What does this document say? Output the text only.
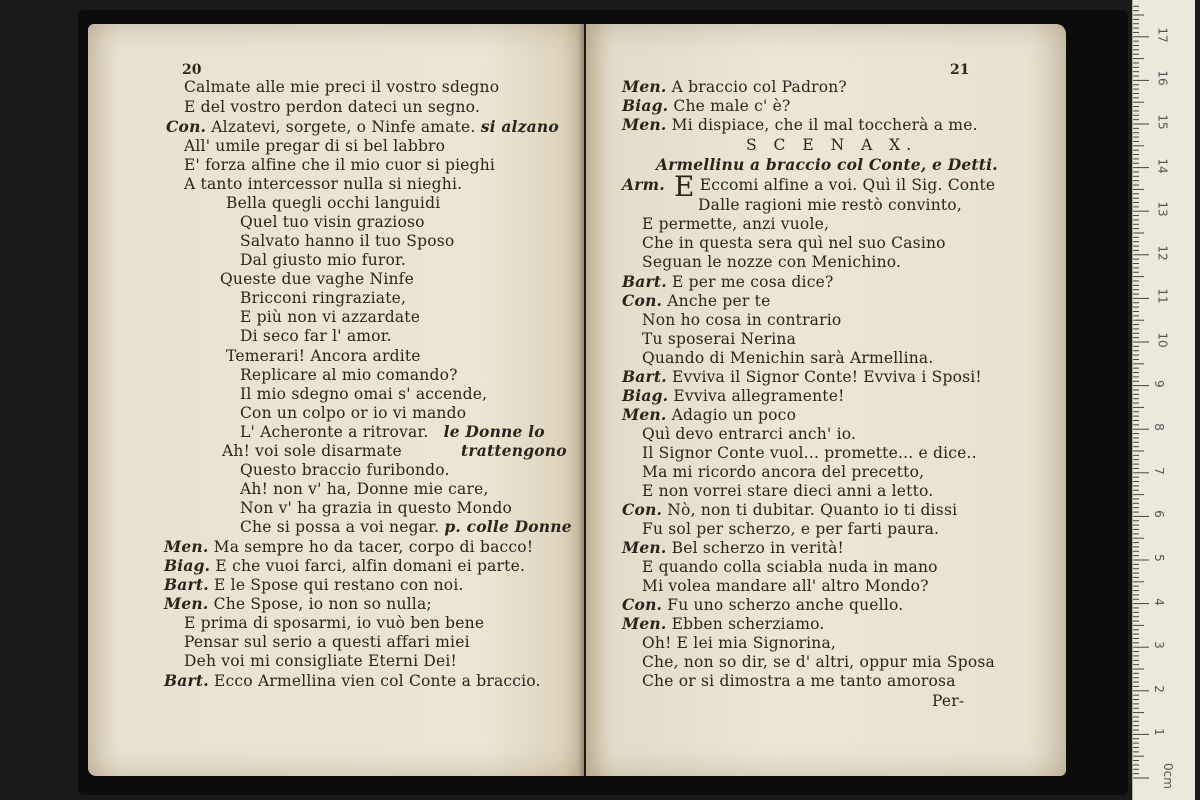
20
Calmate alle mie preci il vostro sdegno
E del vostro perdon dateci un segno.
Con. Alzatevi, sorgete, o Ninfe amate. si alzano
All' umile pregar di si bel labbro
E' forza alfine che il mio cuor si pieghi
A tanto intercessor nulla si nieghi.
Bella quegli occhi languidi
Quel tuo visin grazioso
Salvato hanno il tuo Sposo
Dal giusto mio furor.
Queste due vaghe Ninfe
Bricconi ringraziate,
E più non vi azzardate
Di seco far l' amor.
Temerari! Ancora ardite
Replicare al mio comando?
Il mio sdegno omai s' accende,
Con un colpo or io vi mando
L' Acheronte a ritrovar. le Donne lo
Ah! voi sole disarmate	trattengono
Questo braccio furibondo.
Ah! non v' ha, Donne mie care,
Non v' ha grazia in questo Mondo
Che si possa a voi negar. p. colle Donne
Men. Ma sempre ho da tacer, corpo di bacco!
Biag. E che vuoi farci, alfin domani ei parte.
Bart. E le Spose qui restano con noi.
Men. Che Spose, io non so nulla;
E prima di sposarmi, io vuò ben bene
Pensar sul serio a questi affari miei
Deh voi mi consigliate Eterni Dei!
Bart. Ecco Armellina vien col Conte a braccio.
21
Men. A braccio col Padron?
Biag. Che male c' è?
Men. Mi dispiace, che il mal toccherà a me.
S C E N A X.
Armellinu a braccio col Conte, e Detti.
Arm. E Eccomi alfine a voi. Quì il Sig. Conte
Dalle ragioni mie restò convinto,
E permette, anzi vuole,
Che in questa sera quì nel suo Casino
Seguan le nozze con Menichino.
Bart. E per me cosa dice?
Con. Anche per te
Non ho cosa in contrario
Tu sposerai Nerina
Quando di Menichin sarà Armellina.
Bart. Evviva il Signor Conte! Evviva i Sposi!
Biag. Evviva allegramente!
Men. Adagio un poco
Quì devo entrarci anch' io.
Il Signor Conte vuol... promette... e dice..
Ma mi ricordo ancora del precetto,
E non vorrei stare dieci anni a letto.
Con. Nò, non ti dubitar. Quanto io ti dissi
Fu sol per scherzo, e per farti paura.
Men. Bel scherzo in verità!
E quando colla sciabla nuda in mano
Mi volea mandare all' altro Mondo?
Con. Fu uno scherzo anche quello.
Men. Ebben scherziamo.
Oh! E lei mia Signorina,
Che, non so dir, se d' altri, oppur mia Sposa
Che or si dimostra a me tanto amorosa
Per-
0cm
1
2
3
4
5
6
7
8
9
10
11
12
13
14
15
16
17
